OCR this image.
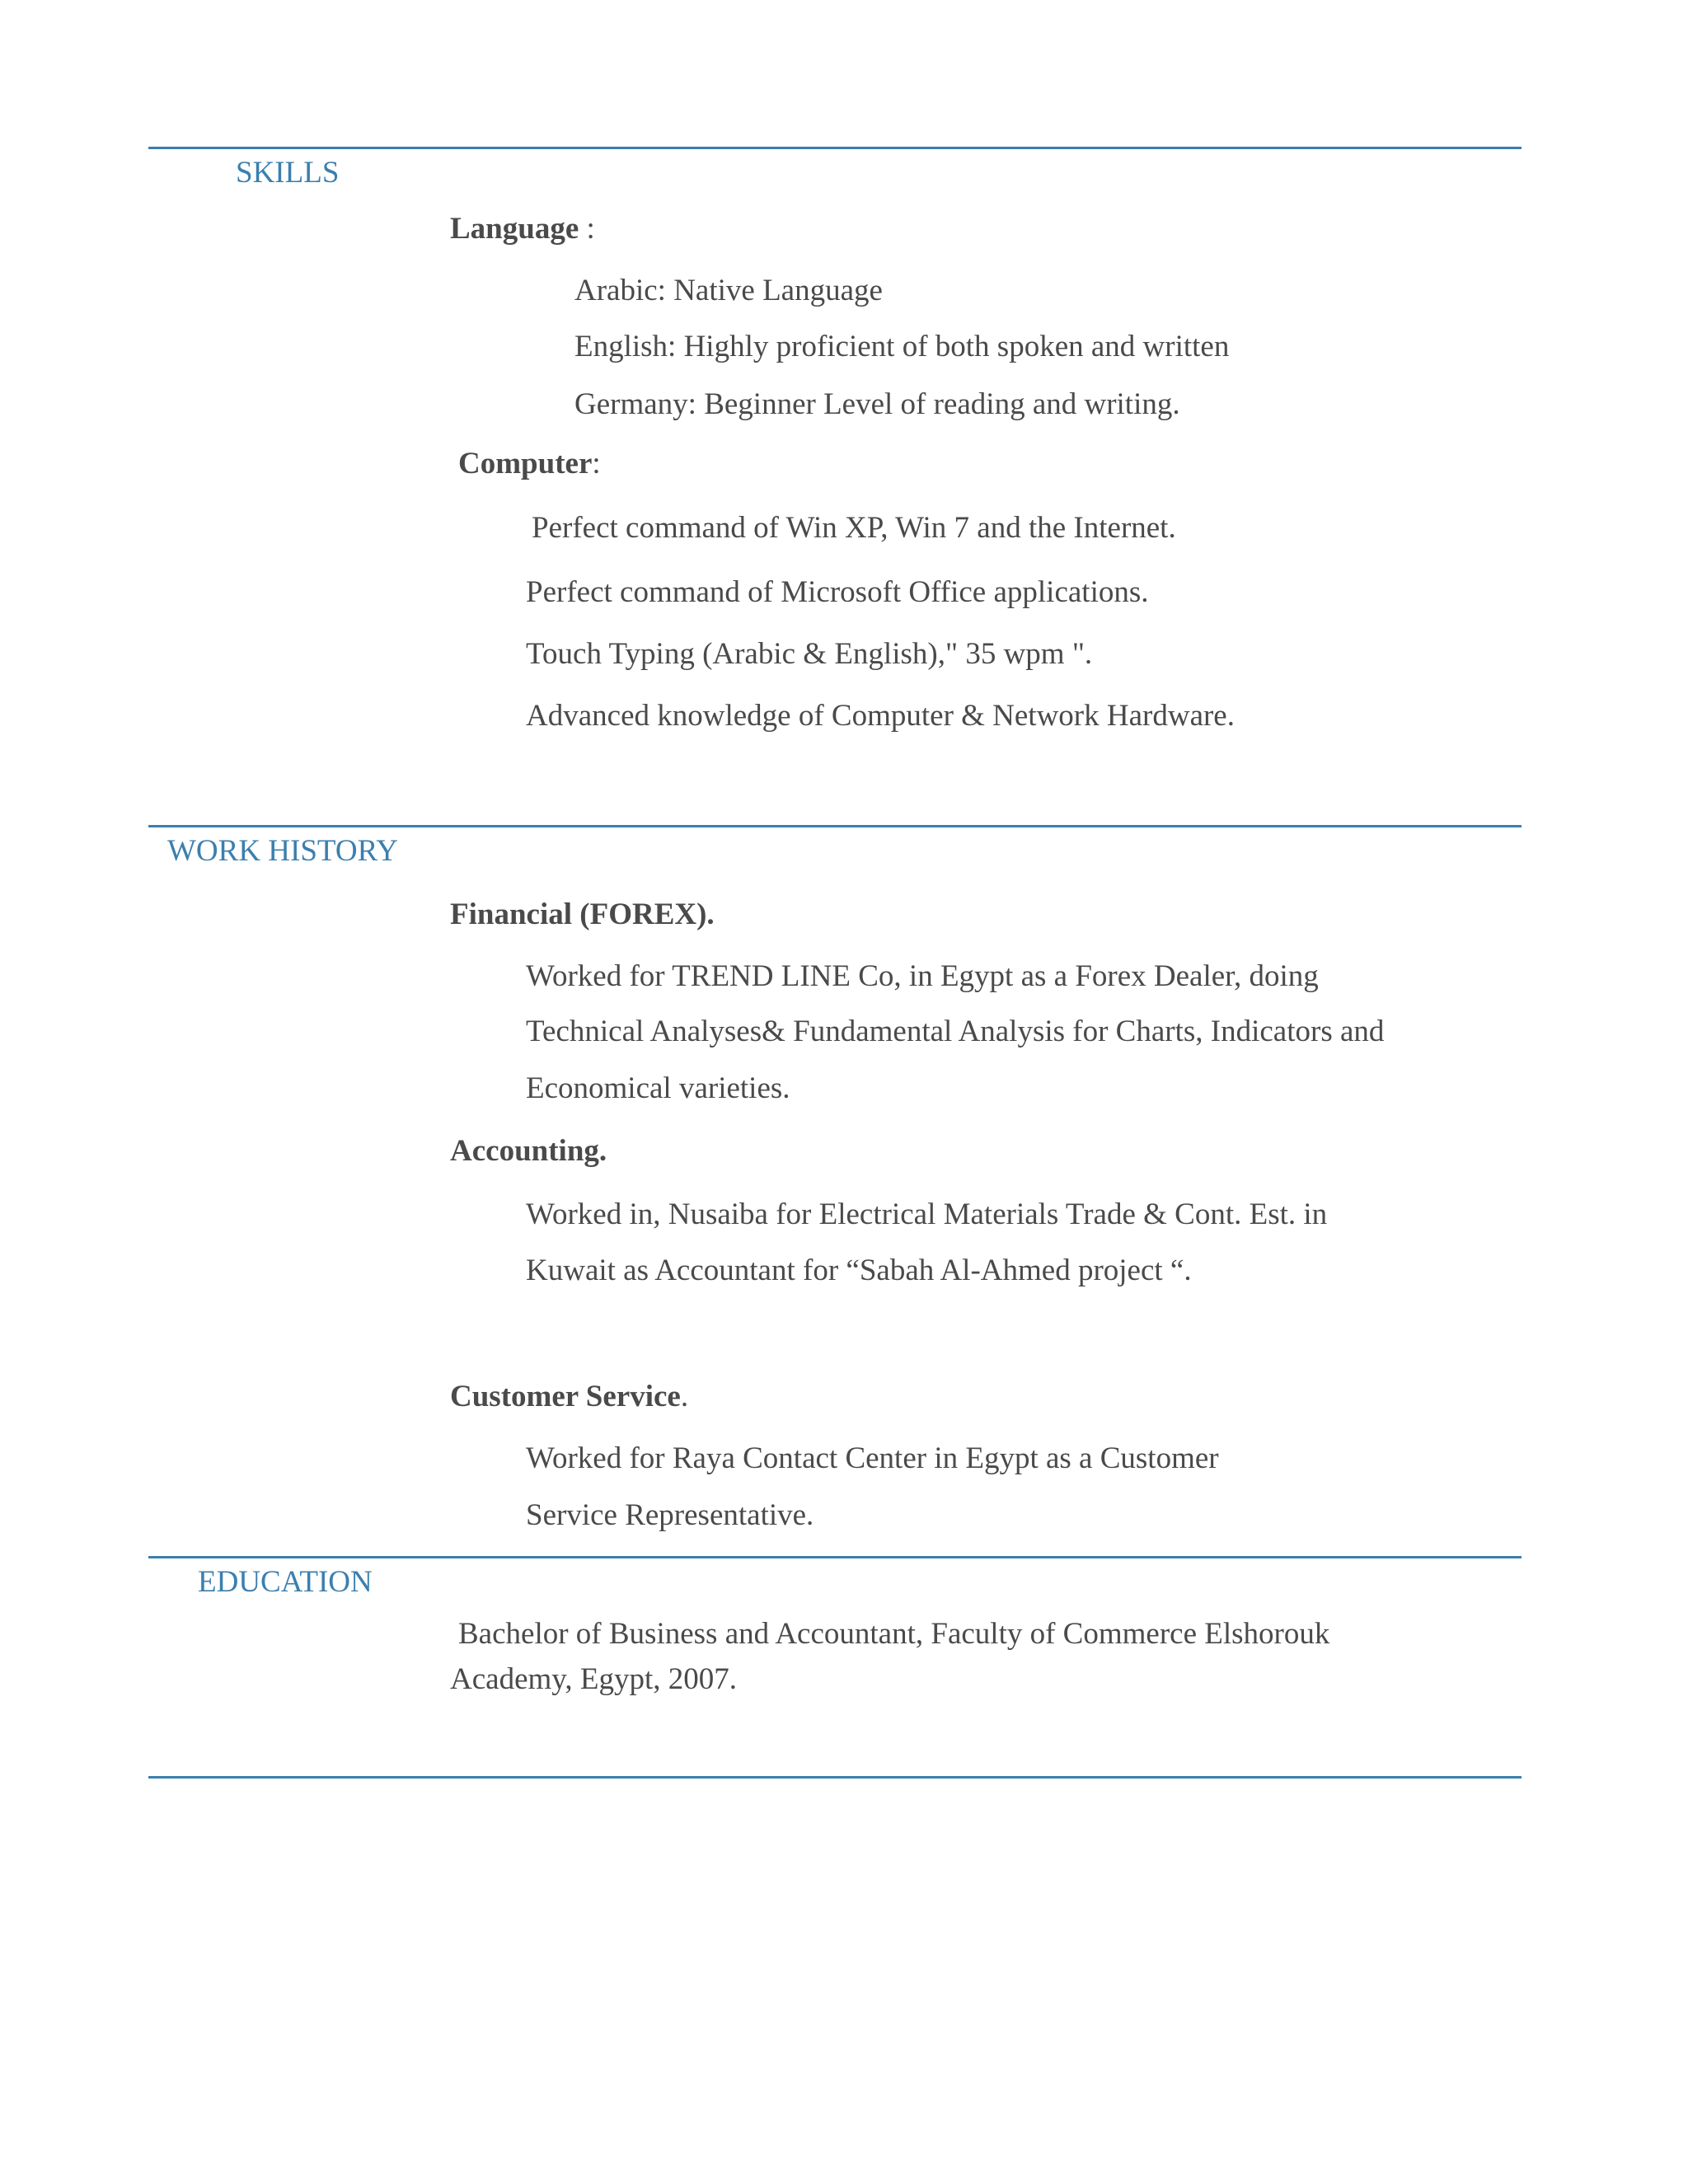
SKILLS
Language :
Arabic: Native Language
English: Highly proficient of both spoken and written
Germany: Beginner Level of reading and writing.
Computer:
Perfect command of Win XP, Win 7 and the Internet.
Perfect command of Microsoft Office applications.
Touch Typing (Arabic & English)," 35 wpm ".
Advanced knowledge of Computer & Network Hardware.
WORK HISTORY
Financial (FOREX).
Worked for TREND LINE Co, in Egypt as a Forex Dealer, doing
Technical Analyses& Fundamental Analysis for Charts, Indicators and
Economical varieties.
Accounting.
Worked in, Nusaiba for Electrical Materials Trade & Cont. Est. in
Kuwait as Accountant for “Sabah Al-Ahmed project “.
Customer Service.
Worked for Raya Contact Center in Egypt as a Customer
Service Representative.
EDUCATION
Bachelor of Business and Accountant, Faculty of Commerce Elshorouk
Academy, Egypt, 2007.
